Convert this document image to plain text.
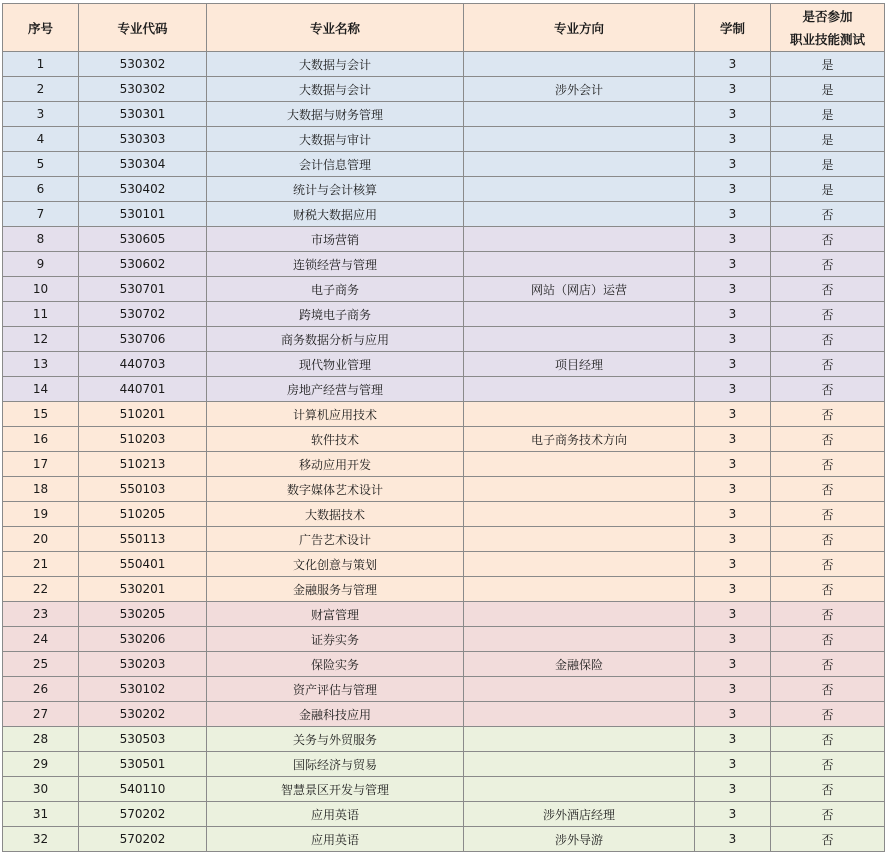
序号	专业代码	专业名称	专业方向	学制	是否参加
职业技能测试

1	530302	大数据与会计		3	是
2	530302	大数据与会计	涉外会计	3	是
3	530301	大数据与财务管理		3	是
4	530303	大数据与审计		3	是
5	530304	会计信息管理		3	是
6	530402	统计与会计核算		3	是
7	530101	财税大数据应用		3	否
8	530605	市场营销		3	否
9	530602	连锁经营与管理		3	否
10	530701	电子商务	网站（网店）运营	3	否
11	530702	跨境电子商务		3	否
12	530706	商务数据分析与应用		3	否
13	440703	现代物业管理	项目经理	3	否
14	440701	房地产经营与管理		3	否
15	510201	计算机应用技术		3	否
16	510203	软件技术	电子商务技术方向	3	否
17	510213	移动应用开发		3	否
18	550103	数字媒体艺术设计		3	否
19	510205	大数据技术		3	否
20	550113	广告艺术设计		3	否
21	550401	文化创意与策划		3	否
22	530201	金融服务与管理		3	否
23	530205	财富管理		3	否
24	530206	证券实务		3	否
25	530203	保险实务	金融保险	3	否
26	530102	资产评估与管理		3	否
27	530202	金融科技应用		3	否
28	530503	关务与外贸服务		3	否
29	530501	国际经济与贸易		3	否
30	540110	智慧景区开发与管理		3	否
31	570202	应用英语	涉外酒店经理	3	否
32	570202	应用英语	涉外导游	3	否
